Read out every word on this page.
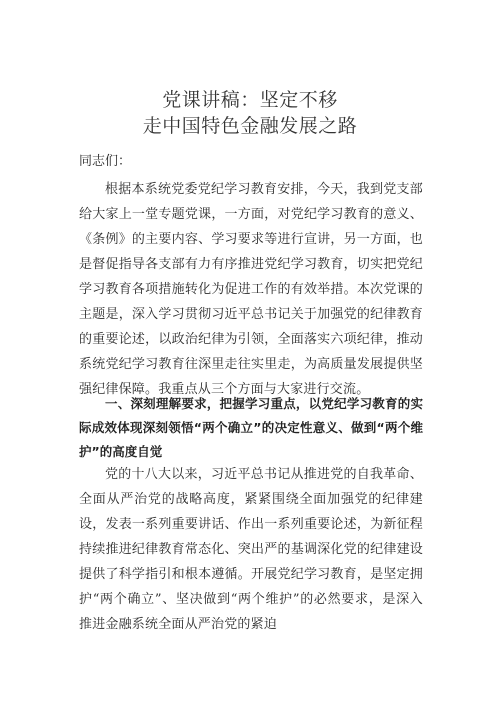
党课讲稿：坚定不移
走中国特色金融发展之路
同志们：
根据本系统党委党纪学习教育安排，今天，我到党支部给大家上一堂专题党课，一方面，对党纪学习教育的意义、《条例》的主要内容、学习要求等进行宣讲，另一方面，也是督促指导各支部有力有序推进党纪学习教育，切实把党纪学习教育各项措施转化为促进工作的有效举措。本次党课的主题是，深入学习贯彻习近平总书记关于加强党的纪律教育的重要论述，以政治纪律为引领，全面落实六项纪律，推动系统党纪学习教育往深里走往实里走，为高质量发展提供坚强纪律保障。我重点从三个方面与大家进行交流。
一、深刻理解要求，把握学习重点，以党纪学习教育的实际成效体现深刻领悟“两个确立”的决定性意义、做到“两个维护”的高度自觉
党的十八大以来，习近平总书记从推进党的自我革命、全面从严治党的战略高度，紧紧围绕全面加强党的纪律建设，发表一系列重要讲话、作出一系列重要论述，为新征程持续推进纪律教育常态化、突出严的基调深化党的纪律建设提供了科学指引和根本遵循。开展党纪学习教育，是坚定拥护“两个确立”、坚决做到“两个维护”的必然要求，是深入推进金融系统全面从严治党的紧迫
